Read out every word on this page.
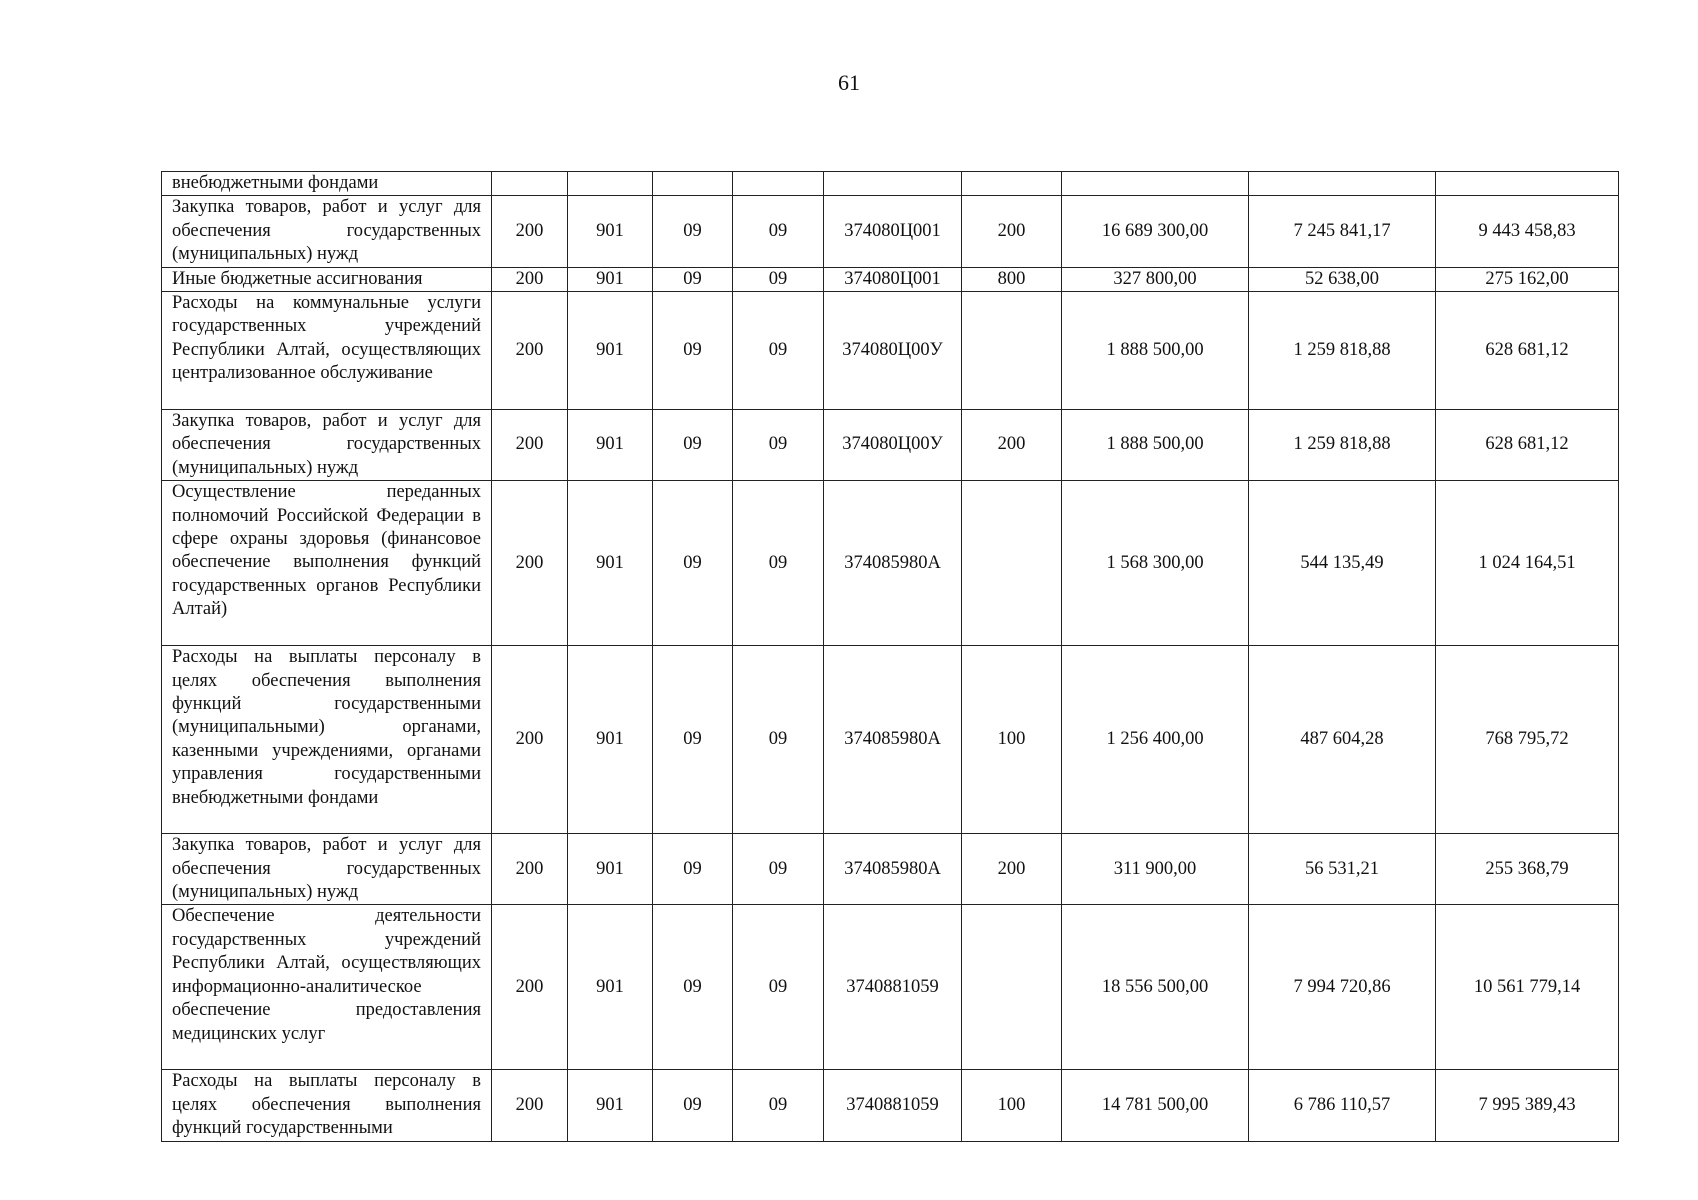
61
внебюджетными фондами									
Закупка товаров, работ и услуг для обеспечения государственных (муниципальных) нужд	200	901	09	09	374080Ц001	200	16 689 300,00	7 245 841,17	9 443 458,83
Иные бюджетные ассигнования	200	901	09	09	374080Ц001	800	327 800,00	52 638,00	275 162,00
Расходы на коммунальные услуги государственных учреждений Республики Алтай, осуществляющих централизованное обслуживание	200	901	09	09	374080Ц00У		1 888 500,00	1 259 818,88	628 681,12
Закупка товаров, работ и услуг для обеспечения государственных (муниципальных) нужд	200	901	09	09	374080Ц00У	200	1 888 500,00	1 259 818,88	628 681,12
Осуществление переданных полномочий Российской Федерации в сфере охраны здоровья (финансовое обеспечение выполнения функций государственных органов Республики Алтай)	200	901	09	09	374085980А		1 568 300,00	544 135,49	1 024 164,51
Расходы на выплаты персоналу в целях обеспечения выполнения функций государственными (муниципальными) органами, казенными учреждениями, органами управления государственными внебюджетными фондами	200	901	09	09	374085980А	100	1 256 400,00	487 604,28	768 795,72
Закупка товаров, работ и услуг для обеспечения государственных (муниципальных) нужд	200	901	09	09	374085980А	200	311 900,00	56 531,21	255 368,79
Обеспечение деятельности государственных учреждений Республики Алтай, осуществляющих информационно-аналитическое обеспечение предоставления медицинских услуг	200	901	09	09	3740881059		18 556 500,00	7 994 720,86	10 561 779,14
Расходы на выплаты персоналу в целях обеспечения выполнения функций государственными	200	901	09	09	3740881059	100	14 781 500,00	6 786 110,57	7 995 389,43
